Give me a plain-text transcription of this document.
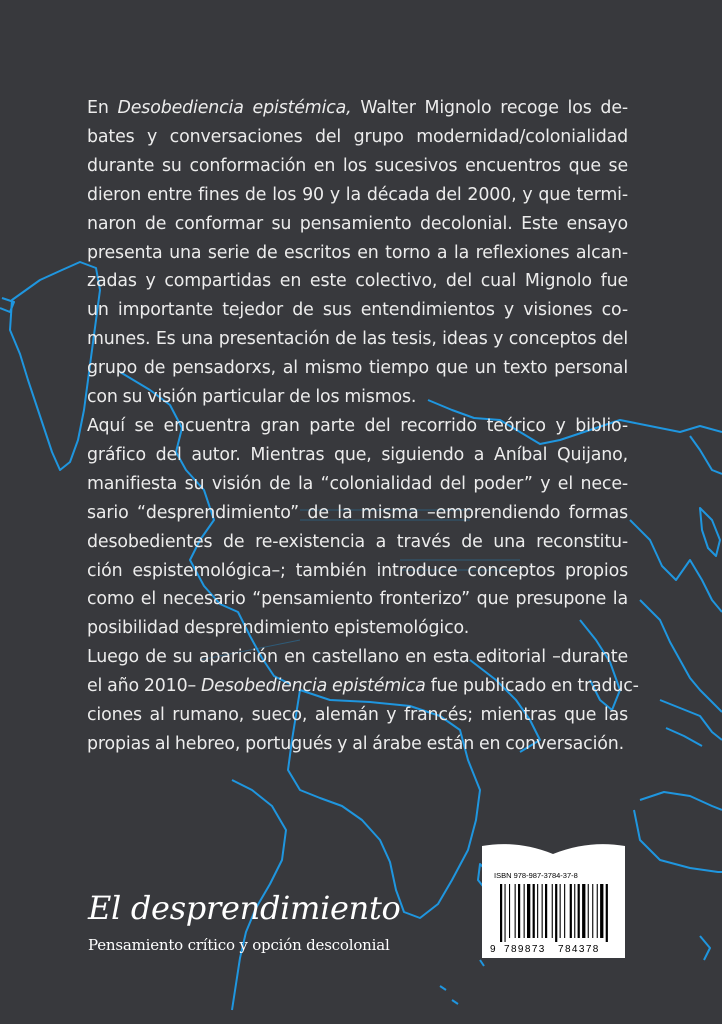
En Desobediencia epistémica, Walter Mignolo recoge los de-
bates y conversaciones del grupo modernidad/colonialidad
durante su conformación en los sucesivos encuentros que se
dieron entre fines de los 90 y la década del 2000, y que termi-
naron de conformar su pensamiento decolonial. Este ensayo
presenta una serie de escritos en torno a la reflexiones alcan-
zadas y compartidas en este colectivo, del cual Mignolo fue
un importante tejedor de sus entendimientos y visiones co-
munes. Es una presentación de las tesis, ideas y conceptos del
grupo de pensadorxs, al mismo tiempo que un texto personal
con su visión particular de los mismos.
Aquí se encuentra gran parte del recorrido teórico y biblio-
gráfico del autor. Mientras que, siguiendo a Aníbal Quijano,
manifiesta su visión de la “colonialidad del poder” y el nece-
sario “desprendimiento” de la misma –emprendiendo formas
desobedientes de re-existencia a través de una reconstitu-
ción espistemológica–; también introduce conceptos propios
como el necesario “pensamiento fronterizo” que presupone la
posibilidad desprendimiento epistemológico.
Luego de su aparición en castellano en esta editorial –durante
el año 2010– Desobediencia epistémica fue publicado en traduc-
ciones al rumano, sueco, alemán y francés; mientras que las
propias al hebreo, portugués y al árabe están en conversación.
El desprendimiento
Pensamiento crítico y opción descolonial
ISBN 978-987-3784-37-8
9 789873 784378
